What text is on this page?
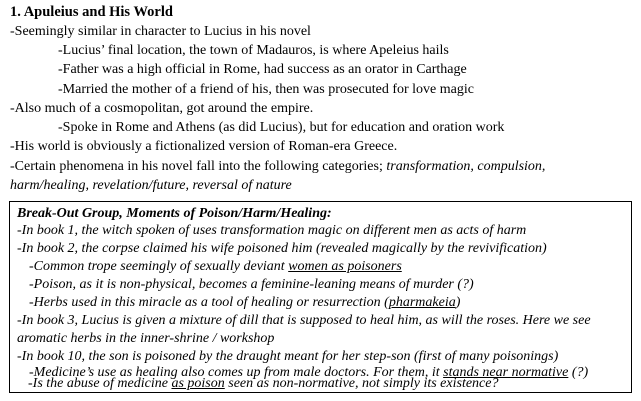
1. Apuleius and His World
-Seemingly similar in character to Lucius in his novel
-Lucius’ final location, the town of Madauros, is where Apeleius hails
-Father was a high official in Rome, had success as an orator in Carthage
-Married the mother of a friend of his, then was prosecuted for love magic
-Also much of a cosmopolitan, got around the empire.
-Spoke in Rome and Athens (as did Lucius), but for education and oration work
-His world is obviously a fictionalized version of Roman-era Greece.
-Certain phenomena in his novel fall into the following categories; transformation, compulsion,
harm/healing, revelation/future, reversal of nature
Break-Out Group, Moments of Poison/Harm/Healing:
-In book 1, the witch spoken of uses transformation magic on different men as acts of harm
-In book 2, the corpse claimed his wife poisoned him (revealed magically by the revivification)
-Common trope seemingly of sexually deviant women as poisoners
-Poison, as it is non-physical, becomes a feminine-leaning means of murder (?)
-Herbs used in this miracle as a tool of healing or resurrection (pharmakeia)
-In book 3, Lucius is given a mixture of dill that is supposed to heal him, as will the roses. Here we see
aromatic herbs in the inner-shrine / workshop
-In book 10, the son is poisoned by the draught meant for her step-son (first of many poisonings)
-Medicine’s use as healing also comes up from male doctors. For them, it stands near normative (?)
-Is the abuse of medicine as poison seen as non-normative, not simply its existence?
